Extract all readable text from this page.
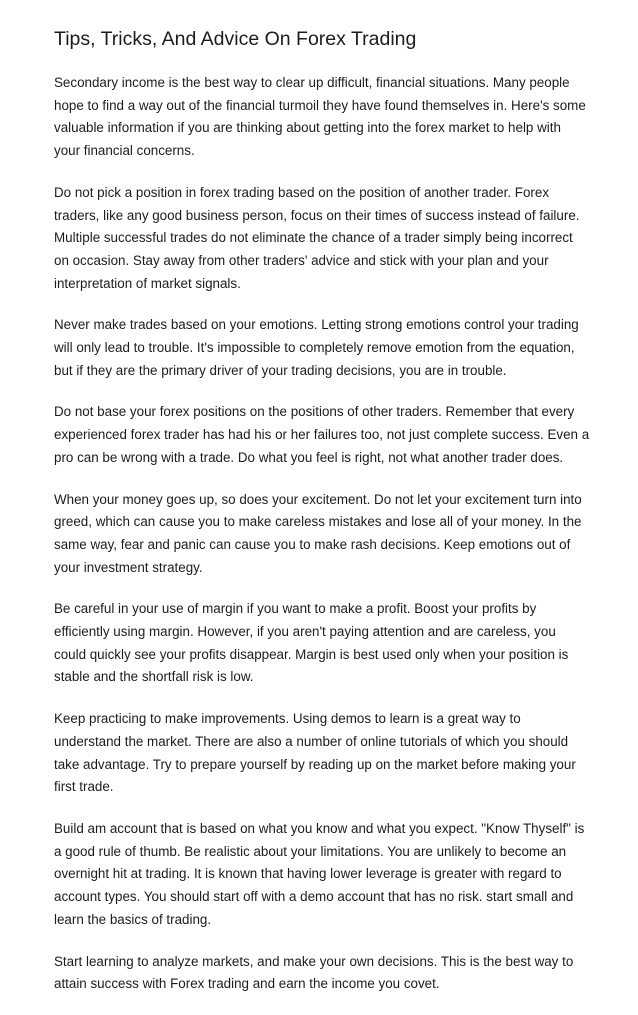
Tips, Tricks, And Advice On Forex Trading

Secondary income is the best way to clear up difficult, financial situations. Many people hope to find a way out of the financial turmoil they have found themselves in. Here's some valuable information if you are thinking about getting into the forex market to help with your financial concerns.

Do not pick a position in forex trading based on the position of another trader. Forex traders, like any good business person, focus on their times of success instead of failure. Multiple successful trades do not eliminate the chance of a trader simply being incorrect on occasion. Stay away from other traders' advice and stick with your plan and your interpretation of market signals.

Never make trades based on your emotions. Letting strong emotions control your trading will only lead to trouble. It's impossible to completely remove emotion from the equation, but if they are the primary driver of your trading decisions, you are in trouble.

Do not base your forex positions on the positions of other traders. Remember that every experienced forex trader has had his or her failures too, not just complete success. Even a pro can be wrong with a trade. Do what you feel is right, not what another trader does.

When your money goes up, so does your excitement. Do not let your excitement turn into greed, which can cause you to make careless mistakes and lose all of your money. In the same way, fear and panic can cause you to make rash decisions. Keep emotions out of your investment strategy.

Be careful in your use of margin if you want to make a profit. Boost your profits by efficiently using margin. However, if you aren't paying attention and are careless, you could quickly see your profits disappear. Margin is best used only when your position is stable and the shortfall risk is low.

Keep practicing to make improvements. Using demos to learn is a great way to understand the market. There are also a number of online tutorials of which you should take advantage. Try to prepare yourself by reading up on the market before making your first trade.

Build am account that is based on what you know and what you expect. "Know Thyself" is a good rule of thumb. Be realistic about your limitations. You are unlikely to become an overnight hit at trading. It is known that having lower leverage is greater with regard to account types. You should start off with a demo account that has no risk. start small and learn the basics of trading.

Start learning to analyze markets, and make your own decisions. This is the best way to attain success with Forex trading and earn the income you covet.
